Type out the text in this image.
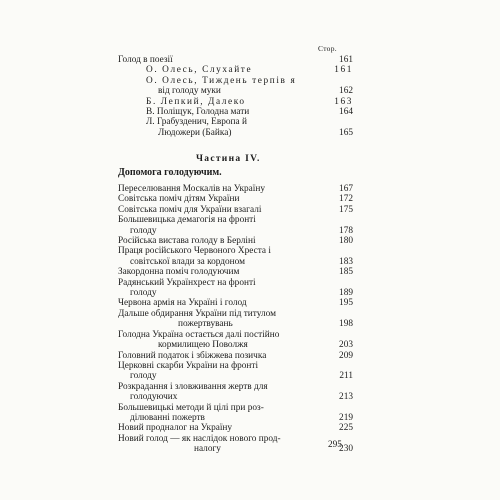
Стор.
Голод в поезії	161
О. Олесь, Слухайте	161
О. Олесь, Тиждень терпів я
від голоду муки	162
Б. Лепкий, Далеко	163
В. Поліщук, Голодна мати	164
Л. Грабузденич, Европа й
Людожери (Байка)	165
Частина IV.
Допомога голодуючим.
Переселювання Москалів на Україну	167
Совітська поміч дітям України	172
Совітська поміч для України взагалі	175
Большевицька демагогія на фронті
голоду	178
Російська вистава голоду в Берліні	180
Праця російського Червоного Хреста і
совітської влади за кордоном	183
Закордонна поміч голодуючим	185
Радянський Українхрест на фронті
голоду	189
Червона армія на Україні і голод	195
Дальше обдирання України під титулом
пожертвувань	198
Голодна Україна остається далі постійно
кормилищею Поволжя	203
Головний податок і збіжжева позичка	209
Церковні скарби України на фронті
голоду	211
Розкрадання і зловживання жертв для
голодуючих	213
Большевицькі методи й цілі при роз-
ділюванні пожертв	219
Новий продналог на Україну	225
Новий голод — як наслідок нового прод-
налогу	230
295
